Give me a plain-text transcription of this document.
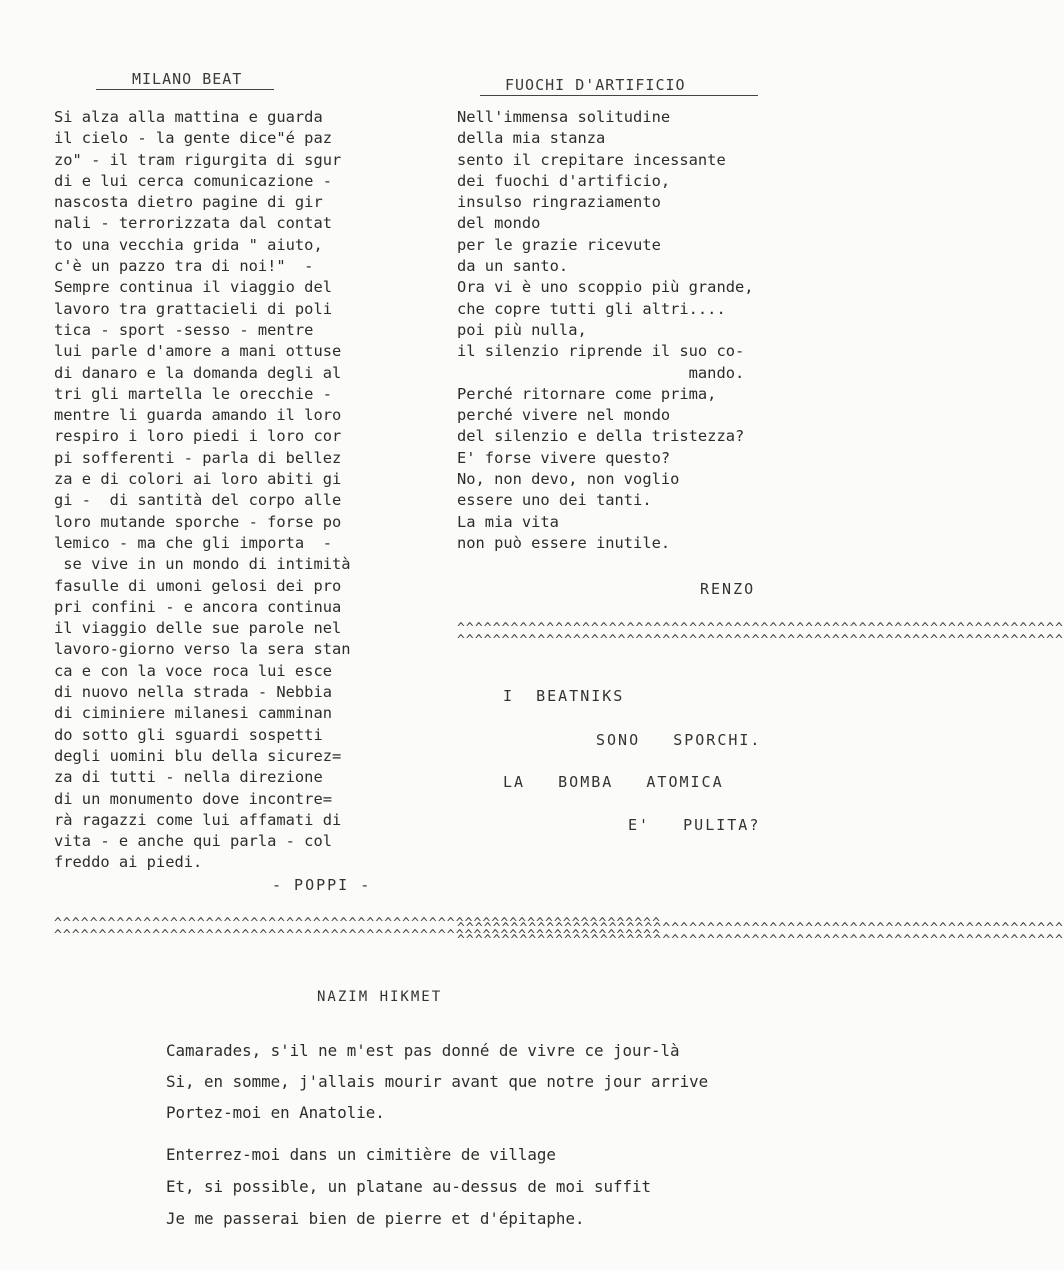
MILANO BEAT
Si alza alla mattina e guarda
il cielo - la gente dice"é paz
zo" - il tram rigurgita di sgur
di e lui cerca comunicazione -
nascosta dietro pagine di gir
nali - terrorizzata dal contat
to una vecchia grida " aiuto,
c'è un pazzo tra di noi!"  -
Sempre continua il viaggio del
lavoro tra grattacieli di poli
tica - sport -sesso - mentre
lui parle d'amore a mani ottuse
di danaro e la domanda degli al
tri gli martella le orecchie -
mentre li guarda amando il loro
respiro i loro piedi i loro cor
pi sofferenti - parla di bellez
za e di colori ai loro abiti gi
gi -  di santità del corpo alle
loro mutande sporche - forse po
lemico - ma che gli importa  -
se vive in un mondo di intimità
fasulle di umoni gelosi dei pro
pri confini - e ancora continua
il viaggio delle sue parole nel
lavoro-giorno verso la sera stan
ca e con la voce roca lui esce
di nuovo nella strada - Nebbia
di ciminiere milanesi camminan
do sotto gli sguardi sospetti
degli uomini blu della sicurez=
za di tutti - nella direzione
di un monumento dove incontre=
rà ragazzi come lui affamati di
vita - e anche qui parla - col
freddo ai piedi.
- POPPI -
^^^^^^^^^^^^^^^^^^^^^^^^^^^^^^^^^^^^^^^^^^^^^^^^^^^^^^^^^^^^^^^^^^^^
^^^^^^^^^^^^^^^^^^^^^^^^^^^^^^^^^^^^^^^^^^^^^^^^^^^^^^^^^^^^^^^^^^^^
FUOCHI D'ARTIFICIO
Nell'immensa solitudine
della mia stanza
sento il crepitare incessante
dei fuochi d'artificio,
insulso ringraziamento
del mondo
per le grazie ricevute
da un santo.
Ora vi è uno scoppio più grande,
che copre tutti gli altri....
poi più nulla,
il silenzio riprende il suo co-
mando.
Perché ritornare come prima,
perché vivere nel mondo
del silenzio e della tristezza?
E' forse vivere questo?
No, non devo, non voglio
essere uno dei tanti.
La mia vita
non può essere inutile.
RENZO
^^^^^^^^^^^^^^^^^^^^^^^^^^^^^^^^^^^^^^^^^^^^^^^^^^^^^^^^^^^^^^^^^^^^
^^^^^^^^^^^^^^^^^^^^^^^^^^^^^^^^^^^^^^^^^^^^^^^^^^^^^^^^^^^^^^^^^^^^
I  BEATNIKS
SONO   SPORCHI.
LA   BOMBA   ATOMICA
E'   PULITA?
^^^^^^^^^^^^^^^^^^^^^^^^^^^^^^^^^^^^^^^^^^^^^^^^^^^^^^^^^^^^^^^^^^^^
^^^^^^^^^^^^^^^^^^^^^^^^^^^^^^^^^^^^^^^^^^^^^^^^^^^^^^^^^^^^^^^^^^^^
NAZIM HIKMET
Camarades, s'il ne m'est pas donné de vivre ce jour-là
Si, en somme, j'allais mourir avant que notre jour arrive
Portez-moi en Anatolie.
Enterrez-moi dans un cimitière de village
Et, si possible, un platane au-dessus de moi suffit
Je me passerai bien de pierre et d'épitaphe.
